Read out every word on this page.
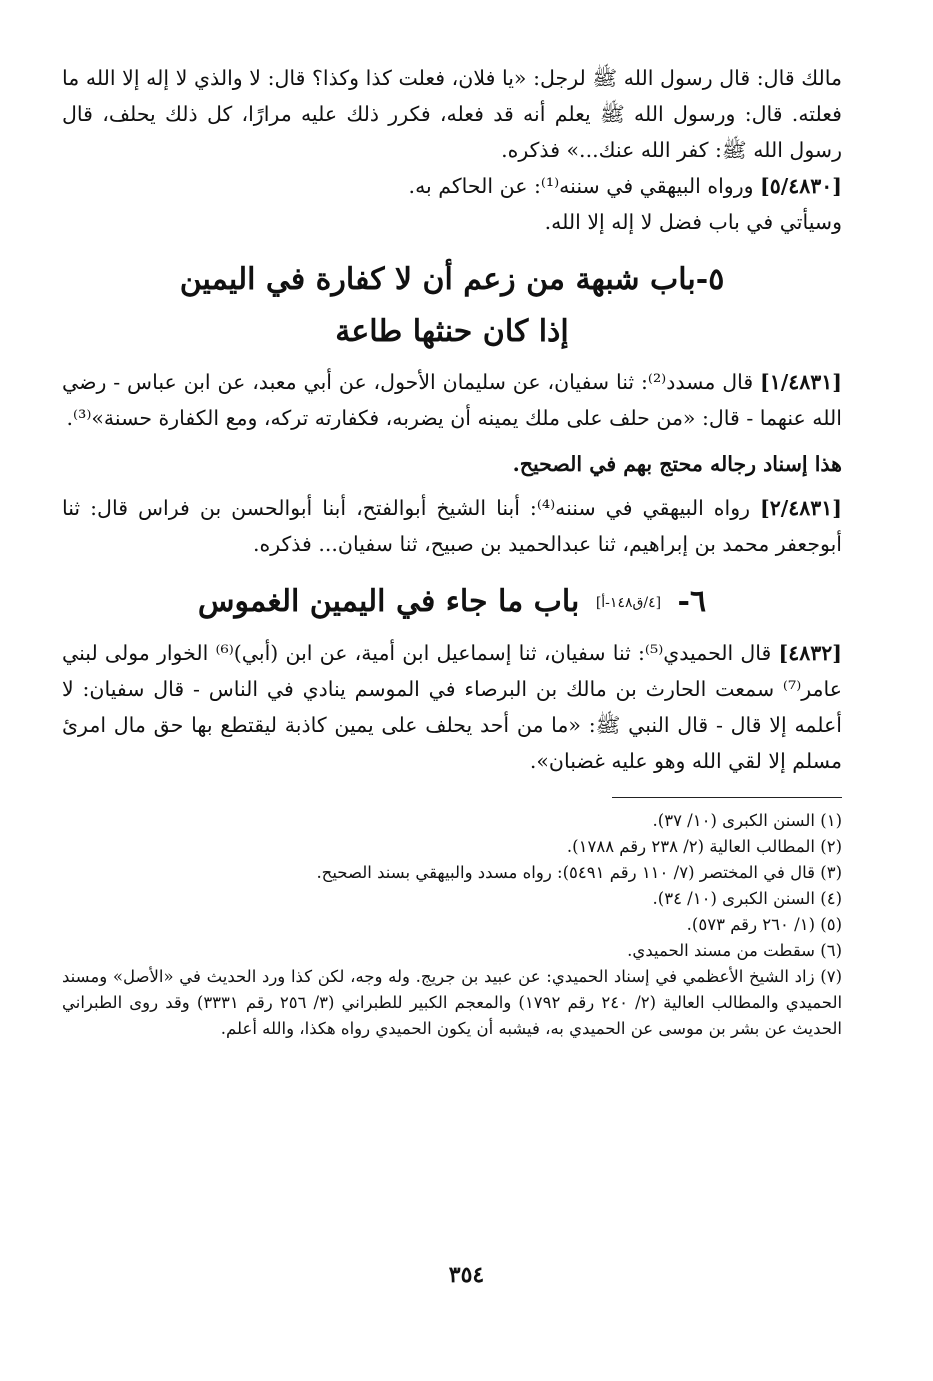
مالك قال: قال رسول الله ﷺ لرجل: «يا فلان، فعلت كذا وكذا؟ قال: لا والذي لا إله إلا الله ما فعلته. قال: ورسول الله ﷺ يعلم أنه قد فعله، فكرر ذلك عليه مرارًا، كل ذلك يحلف، قال رسول الله ﷺ: كفر الله عنك...» فذكره.

[٥/٤٨٣٠] ورواه البيهقي في سننه⁽¹⁾: عن الحاكم به.

وسيأتي في باب فضل لا إله إلا الله.

٥-باب شبهة من زعم أن لا كفارة في اليمين
إذا كان حنثها طاعة

[١/٤٨٣١] قال مسدد⁽²⁾: ثنا سفيان، عن سليمان الأحول، عن أبي معبد، عن ابن عباس - رضي الله عنهما - قال: «من حلف على ملك يمينه أن يضربه، فكفارته تركه، ومع الكفارة حسنة»⁽³⁾.

هذا إسناد رجاله محتج بهم في الصحيح.

[٢/٤٨٣١] رواه البيهقي في سننه⁽⁴⁾: أبنا الشيخ أبوالفتح، أبنا أبوالحسن بن فراس قال: ثنا أبوجعفر محمد بن إبراهيم، ثنا عبدالحميد بن صبيح، ثنا سفيان... فذكره.

٦- [٤/ق١٤٨-أ] باب ما جاء في اليمين الغموس

[٤٨٣٢] قال الحميدي⁽⁵⁾: ثنا سفيان، ثنا إسماعيل ابن أمية، عن ابن (أبي)⁽⁶⁾ الخوار مولى لبني عامر⁽⁷⁾ سمعت الحارث بن مالك بن البرصاء في الموسم ينادي في الناس - قال سفيان: لا أعلمه إلا قال - قال النبي ﷺ: «ما من أحد يحلف على يمين كاذبة ليقتطع بها حق مال امرئ مسلم إلا لقي الله وهو عليه غضبان».

(١) السنن الكبرى (١٠/ ٣٧).

(٢) المطالب العالية (٢/ ٢٣٨ رقم ١٧٨٨).

(٣) قال في المختصر (٧/ ١١٠ رقم ٥٤٩١): رواه مسدد والبيهقي بسند الصحيح.

(٤) السنن الكبرى (١٠/ ٣٤).

(٥) (١/ ٢٦٠ رقم ٥٧٣).

(٦) سقطت من مسند الحميدي.

(٧) زاد الشيخ الأعظمي في إسناد الحميدي: عن عبيد بن جريج. وله وجه، لكن كذا ورد الحديث في «الأصل» ومسند الحميدي والمطالب العالية (٢/ ٢٤٠ رقم ١٧٩٢) والمعجم الكبير للطبراني (٣/ ٢٥٦ رقم ٣٣٣١) وقد روى الطبراني الحديث عن بشر بن موسى عن الحميدي به، فيشبه أن يكون الحميدي رواه هكذا، والله أعلم.

٣٥٤
